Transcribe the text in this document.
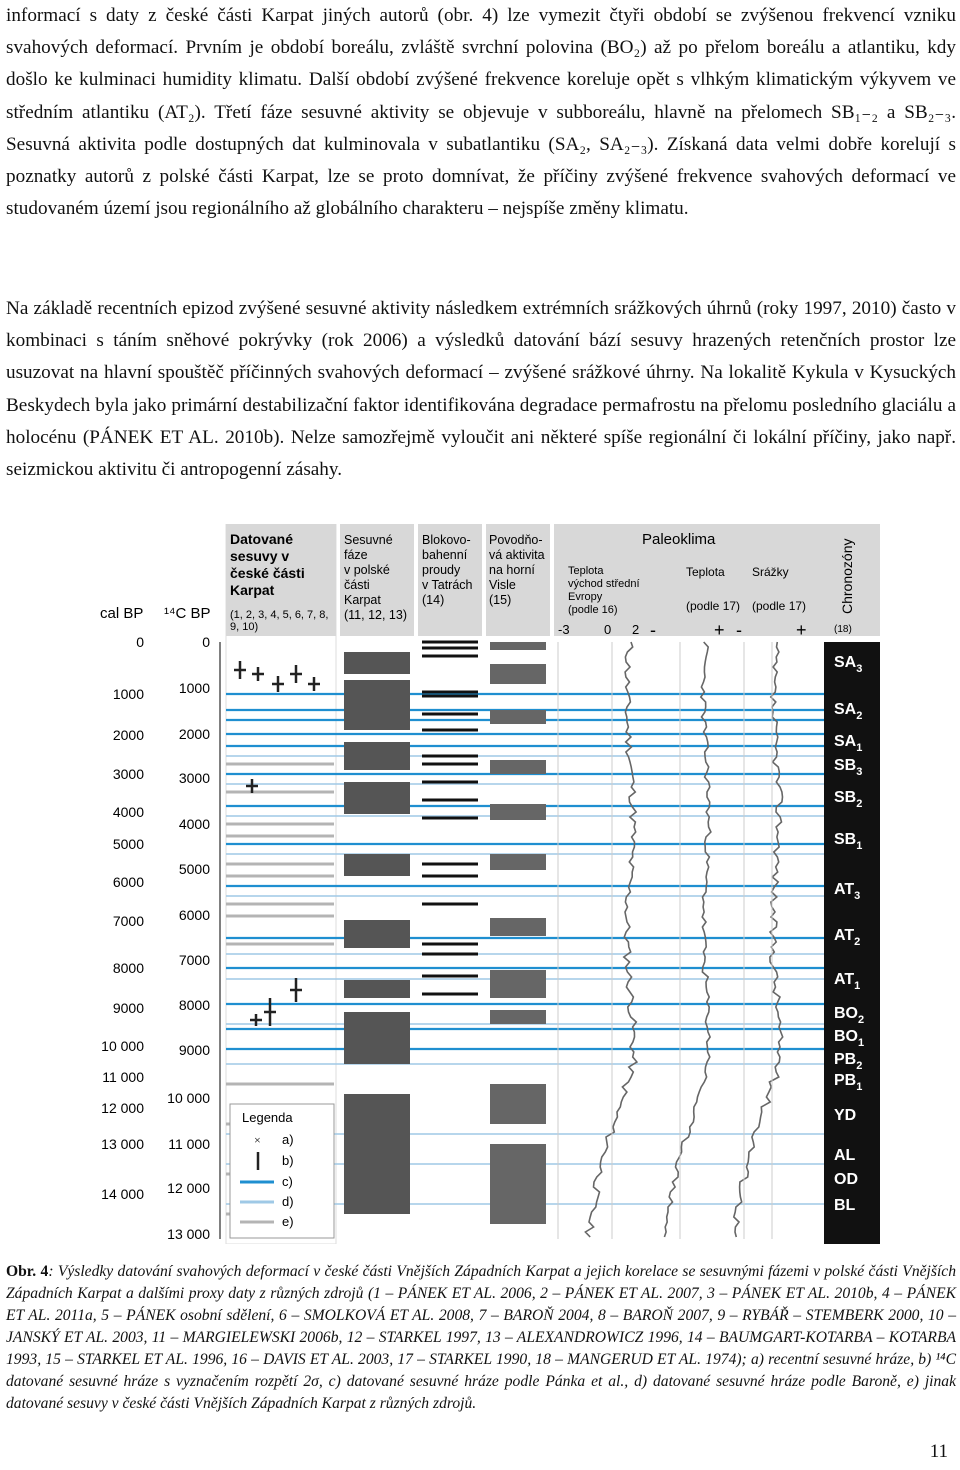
informací s daty z české části Karpat jiných autorů (obr. 4) lze vymezit čtyři období se zvýšenou frekvencí vzniku svahových deformací. Prvním je období boreálu, zvláště svrchní polovina (BO₂) až po přelom boreálu a atlantiku, kdy došlo ke kulminaci humidity klimatu. Další období zvýšené frekvence koreluje opět s vlhkým klimatickým výkyvem ve středním atlantiku (AT₂). Třetí fáze sesuvné aktivity se objevuje v subboreálu, hlavně na přelomech SB₁₋₂ a SB₂₋₃. Sesuvná aktivita podle dostupných dat kulminovala v subatlantiku (SA₂, SA₂₋₃). Získaná data velmi dobře korelují s poznatky autorů z polské části Karpat, lze se proto domnívat, že příčiny zvýšené frekvence svahových deformací ve studovaném území jsou regionálního až globálního charakteru – nejspíše změny klimatu.

Na základě recentních epizod zvýšené sesuvné aktivity následkem extrémních srážkových úhrnů (roky 1997, 2010) často v kombinaci s táním sněhové pokrývky (rok 2006) a výsledků datování bází sesuvy hrazených retenčních prostor lze usuzovat na hlavní spouštěč příčinných svahových deformací – zvýšené srážkové úhrny. Na lokalitě Kykula v Kysuckých Beskydech byla jako primární destabilizační faktor identifikována degradace permafrostu na přelomu posledního glaciálu a holocénu (PÁNEK ET AL. 2010b). Nelze samozřejmě vyloučit ani některé spíše regionální či lokální příčiny, jako např. seizmickou aktivitu či antropogenní zásahy.

cal BP ¹⁴C BP
Datované
sesuvy v
české části
Karpat
(1, 2, 3, 4, 5, 6, 7, 8,
9, 10)
Sesuvné
fáze
v polské
části
Karpat
(11, 12, 13)
Blokovo-
bahenní
proudy
v Tatrách
(14)
Povodňo-
vá aktivita
na horní
Visle
(15)
Paleoklima
Teplota
východ střední
Evropy
(podle 16)
Teplota
(podle 17)
Srážky
(podle 17)
-3	0 2 -	+ -	+
Chronozóny
(18)
0
1000
2000
3000
4000
5000
6000
7000
8000
9000
10 000
11 000
12 000
13 000
14 000
0
1000
2000
3000
4000
5000
6000
7000
8000
9000
10 000
11 000
12 000
13 000
$SA_3$
$SA_2$
$SA_1$
$SB_3$
$SB_2$
$SB_1$
$AT_3$
$AT_2$
$AT_1$
$BO_2$
$BO_1$
$PB_2$
$PB_1$
YD
AL
OD
BL
Legenda
a)
b)
c)
d)
e)
×
Obr. 4: Výsledky datování svahových deformací v české části Vnějších Západních Karpat a jejich korelace se sesuvnými fázemi v polské části Vnějších Západních Karpat a dalšími proxy daty z různých zdrojů (1 – PÁNEK ET AL. 2006, 2 – PÁNEK ET AL. 2007, 3 – PÁNEK ET AL. 2010b, 4 – PÁNEK ET AL. 2011a, 5 – PÁNEK osobní sdělení, 6 – SMOLKOVÁ ET AL. 2008, 7 – BAROŇ 2004, 8 – BAROŇ 2007, 9 – RYBÁŘ – STEMBERK 2000, 10 – JANSKÝ ET AL. 2003, 11 – MARGIELEWSKI 2006b, 12 – STARKEL 1997, 13 – ALEXANDROWICZ 1996, 14 – BAUMGART-KOTARBA – KOTARBA 1993, 15 – STARKEL ET AL. 1996, 16 – DAVIS ET AL. 2003, 17 – STARKEL 1990, 18 – MANGERUD ET AL. 1974); a) recentní sesuvné hráze, b) ¹⁴C datované sesuvné hráze s vyznačením rozpětí 2σ, c) datované sesuvné hráze podle Pánka et al., d) datované sesuvné hráze podle Baroně, e) jinak datované sesuvy v české části Vnějších Západních Karpat z různých zdrojů.
11
